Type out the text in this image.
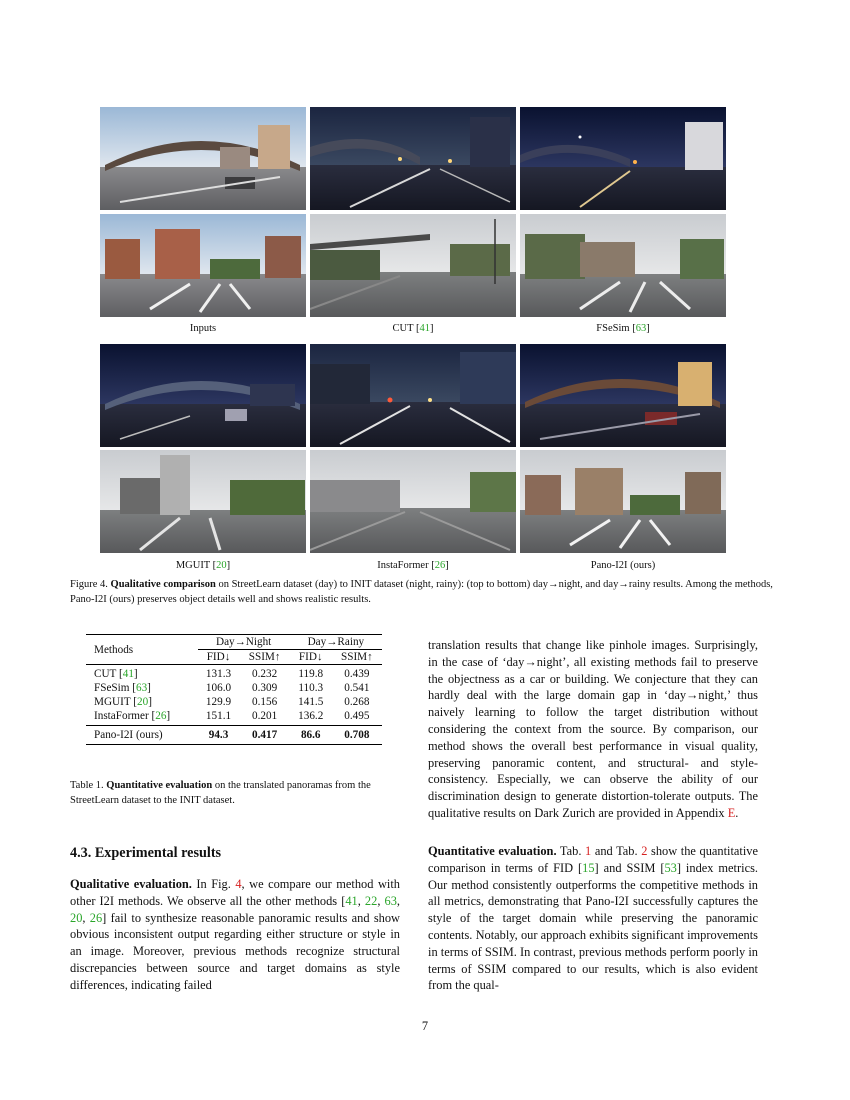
Inputs	CUT [41]	FSeSim [63]
MGUIT [20]	InstaFormer [26]	Pano-I2I (ours)
Figure 4. Qualitative comparison on StreetLearn dataset (day) to INIT dataset (night, rainy): (top to bottom) day→night, and day→rainy results. Among the methods, Pano-I2I (ours) preserves object details well and shows realistic results.
Methods	Day→Night		Day→Rainy	
	FID↓	SSIM↑	FID↓	SSIM↑
CUT [41]	131.3	0.232	119.8	0.439
FSeSim [63]	106.0	0.309	110.3	0.541
MGUIT [20]	129.9	0.156	141.5	0.268
InstaFormer [26]	151.1	0.201	136.2	0.495
Pano-I2I (ours)	94.3	0.417	86.6	0.708
Table 1. Quantitative evaluation on the translated panoramas from the StreetLearn dataset to the INIT dataset.
4.3. Experimental results
Qualitative evaluation. In Fig. 4, we compare our method with other I2I methods. We observe all the other methods [41, 22, 63, 20, 26] fail to synthesize reasonable panoramic results and show obvious inconsistent output regarding either structure or style in an image. Moreover, previous methods recognize structural discrepancies between source and target domains as style differences, indicating failed
translation results that change like pinhole images. Surprisingly, in the case of ‘day→night’, all existing methods fail to preserve the objectness as a car or building. We conjecture that they can hardly deal with the large domain gap in ‘day→night,’ thus naively learning to follow the target distribution without considering the context from the source. By comparison, our method shows the overall best performance in visual quality, preserving panoramic content, and structural- and style-consistency. Especially, we can observe the ability of our discrimination design to generate distortion-tolerate outputs. The qualitative results on Dark Zurich are provided in Appendix E.
Quantitative evaluation. Tab. 1 and Tab. 2 show the quantitative comparison in terms of FID [15] and SSIM [53] index metrics. Our method consistently outperforms the competitive methods in all metrics, demonstrating that Pano-I2I successfully captures the style of the target domain while preserving the panoramic contents. Notably, our approach exhibits significant improvements in terms of SSIM. In contrast, previous methods perform poorly in terms of SSIM compared to our results, which is also evident from the qual-
7
